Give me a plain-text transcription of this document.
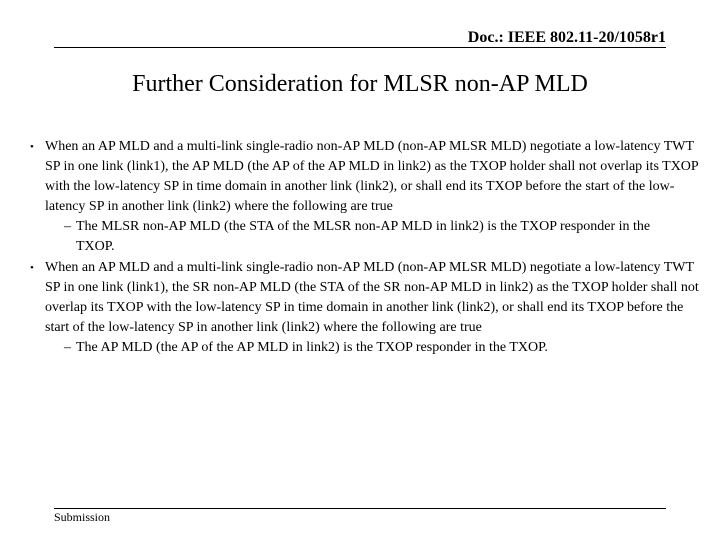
Doc.: IEEE 802.11-20/1058r1
Further Consideration for MLSR non-AP MLD
• When an AP MLD and a multi-link single-radio non-AP MLD (non-AP MLSR MLD) negotiate a low-latency TWT SP in one link (link1), the AP MLD (the AP of the AP MLD in link2) as the TXOP holder shall not overlap its TXOP with the low-latency SP in time domain in another link (link2), or shall end its TXOP before the start of the low-latency SP in another link (link2) where the following are true
– The MLSR non-AP MLD (the STA of the MLSR non-AP MLD in link2) is the TXOP responder in the TXOP.
• When an AP MLD and a multi-link single-radio non-AP MLD (non-AP MLSR MLD) negotiate a low-latency TWT SP in one link (link1), the SR non-AP MLD (the STA of the SR non-AP MLD in link2) as the TXOP holder shall not overlap its TXOP with the low-latency SP in time domain in another link (link2), or shall end its TXOP before the start of the low-latency SP in another link (link2) where the following are true
– The AP MLD (the AP of the AP MLD in link2) is the TXOP responder in the TXOP.
Submission
